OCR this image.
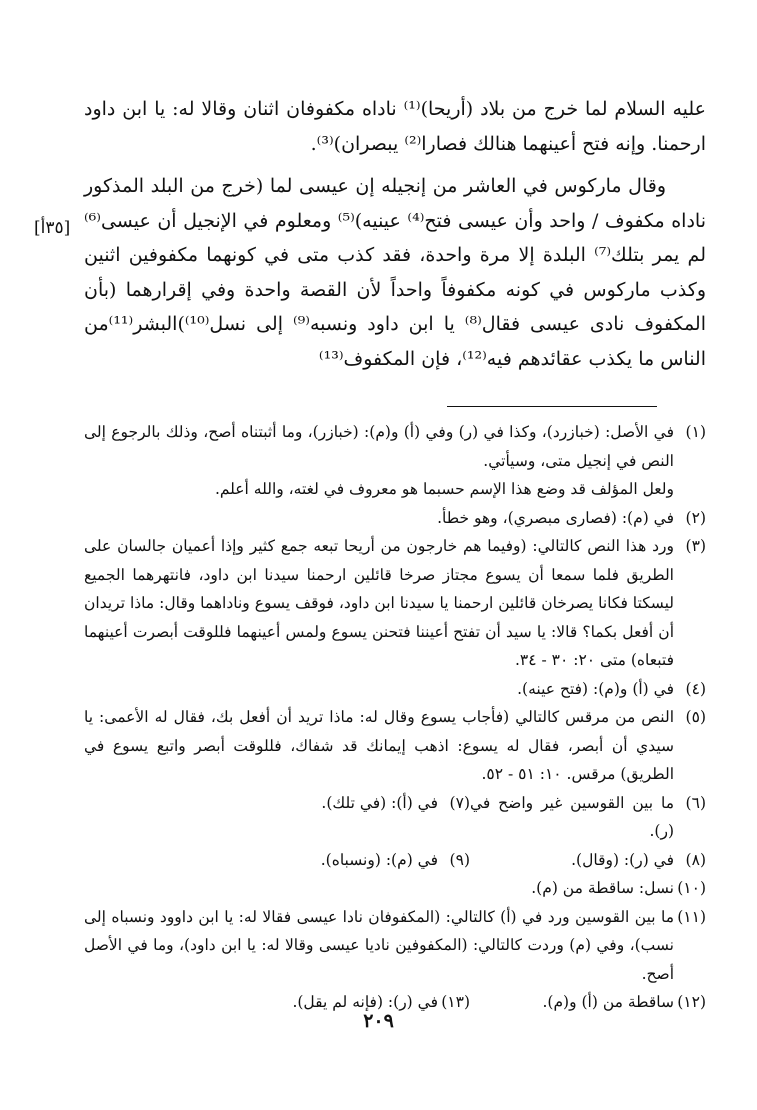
عليه السلام لما خرج من بلاد (أريحا)⁽¹⁾ ناداه مكفوفان اثنان وقالا له: يا ابن داود ارحمنا. وإنه فتح أعينهما هنالك فصارا⁽²⁾ يبصران)⁽³⁾.

وقال ماركوس في العاشر من إنجيله إن عيسى لما (خرج من البلد المذكور ناداه مكفوف / واحد وأن عيسى فتح⁽⁴⁾ عينيه)⁽⁵⁾ ومعلوم في الإنجيل أن عيسى⁽⁶⁾ لم يمر بتلك⁽⁷⁾ البلدة إلا مرة واحدة، فقد كذب متى في كونهما مكفوفين اثنين وكذب ماركوس في كونه مكفوفاً واحداً لأن القصة واحدة وفي إقرارهما (بأن المكفوف نادى عيسى فقال⁽⁸⁾ يا ابن داود ونسبه⁽⁹⁾ إلى نسل⁽¹⁰⁾)البشر⁽¹¹⁾من الناس ما يكذب عقائدهم فيه⁽¹²⁾، فإن المكفوف⁽¹³⁾

[٣٥أ]
(١)

في الأصل: (خبازرد)، وكذا في (ر) وفي (أ) و(م): (خبازر)، وما أثبتناه أصح، وذلك بالرجوع إلى النص في إنجيل متى، وسيأتي.

ولعل المؤلف قد وضع هذا الإسم حسبما هو معروف في لغته، والله أعلم.

(٢)

في (م): (فصارى مبصري)، وهو خطأ.

(٣)

ورد هذا النص كالتالي: (وفيما هم خارجون من أريحا تبعه جمع كثير وإذا أعميان جالسان على الطريق فلما سمعا أن يسوع مجتاز صرخا قائلين ارحمنا سيدنا ابن داود، فانتهرهما الجميع ليسكتا فكانا يصرخان قائلين ارحمنا يا سيدنا ابن داود، فوقف يسوع وناداهما وقال: ماذا تريدان أن أفعل بكما؟ قالا: يا سيد أن تفتح أعيننا فتحنن يسوع ولمس أعينهما فللوقت أبصرت أعينهما فتبعاه) متى ٢٠: ٣٠ - ٣٤.

(٤)

في (أ) و(م): (فتح عينه).

(٥)

النص من مرقس كالتالي (فأجاب يسوع وقال له: ماذا تريد أن أفعل بك، فقال له الأعمى: يا سيدي أن أبصر، فقال له يسوع: اذهب إيمانك قد شفاك، فللوقت أبصر واتبع يسوع في الطريق) مرقس. ١٠: ٥١ - ٥٢.

(٦)
ما بين القوسين غير واضح في (ر).
(٧)
في (أ): (في تلك).
(٨)
في (ر): (وقال).
(٩)
في (م): (ونسباه).
(١٠)

نسل: ساقطة من (م).

(١١)

ما بين القوسين ورد في (أ) كالتالي: (المكفوفان نادا عيسى فقالا له: يا ابن داوود ونسباه إلى نسب)، وفي (م) وردت كالتالي: (المكفوفين ناديا عيسى وقالا له: يا ابن داود)، وما في الأصل أصح.

(١٢)
ساقطة من (أ) و(م).
(١٣)
في (ر): (فإنه لم يقل).
٢٠٩
